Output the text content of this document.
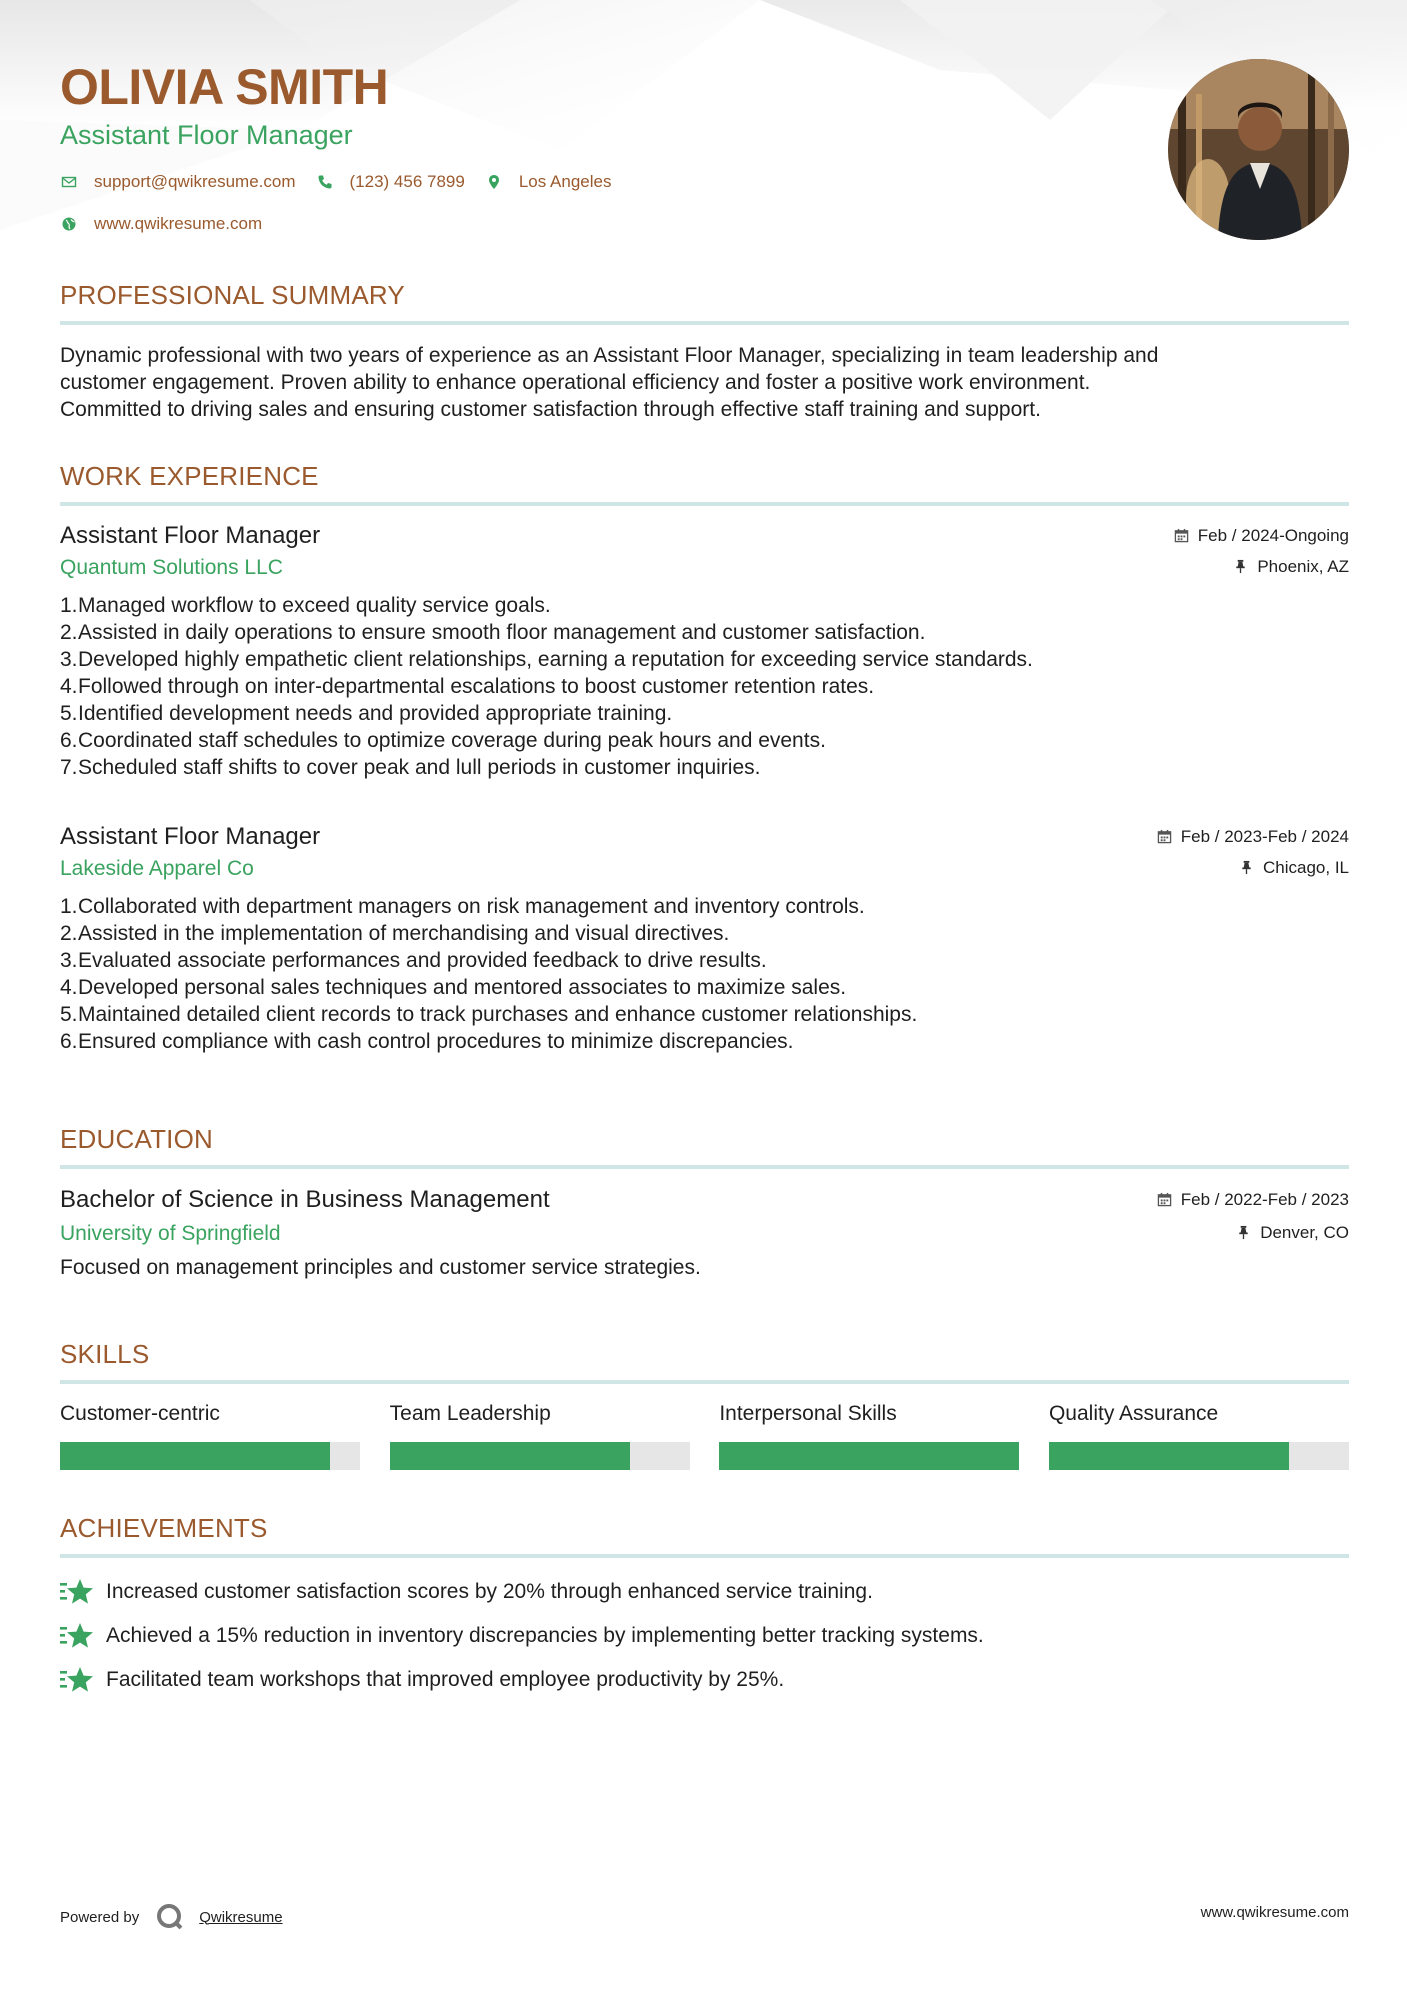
OLIVIA SMITH
Assistant Floor Manager
support@qwikresume.com	(123) 456 7899	Los Angeles
www.qwikresume.com
PROFESSIONAL SUMMARY
Dynamic professional with two years of experience as an Assistant Floor Manager, specializing in team leadership and
customer engagement. Proven ability to enhance operational efficiency and foster a positive work environment.
Committed to driving sales and ensuring customer satisfaction through effective staff training and support.
WORK EXPERIENCE
Assistant Floor Manager	Feb / 2024-Ongoing
Quantum Solutions LLC	Phoenix, AZ
1. Managed workflow to exceed quality service goals.
2. Assisted in daily operations to ensure smooth floor management and customer satisfaction.
3. Developed highly empathetic client relationships, earning a reputation for exceeding service standards.
4. Followed through on inter-departmental escalations to boost customer retention rates.
5. Identified development needs and provided appropriate training.
6. Coordinated staff schedules to optimize coverage during peak hours and events.
7. Scheduled staff shifts to cover peak and lull periods in customer inquiries.
Assistant Floor Manager	Feb / 2023-Feb / 2024
Lakeside Apparel Co	Chicago, IL
1. Collaborated with department managers on risk management and inventory controls.
2. Assisted in the implementation of merchandising and visual directives.
3. Evaluated associate performances and provided feedback to drive results.
4. Developed personal sales techniques and mentored associates to maximize sales.
5. Maintained detailed client records to track purchases and enhance customer relationships.
6. Ensured compliance with cash control procedures to minimize discrepancies.
EDUCATION
Bachelor of Science in Business Management	Feb / 2022-Feb / 2023
University of Springfield	Denver, CO
Focused on management principles and customer service strategies.
SKILLS
Customer-centric	Team Leadership	Interpersonal Skills	Quality Assurance
ACHIEVEMENTS
Increased customer satisfaction scores by 20% through enhanced service training.
Achieved a 15% reduction in inventory discrepancies by implementing better tracking systems.
Facilitated team workshops that improved employee productivity by 25%.
Powered by	Qwikresume	www.qwikresume.com
